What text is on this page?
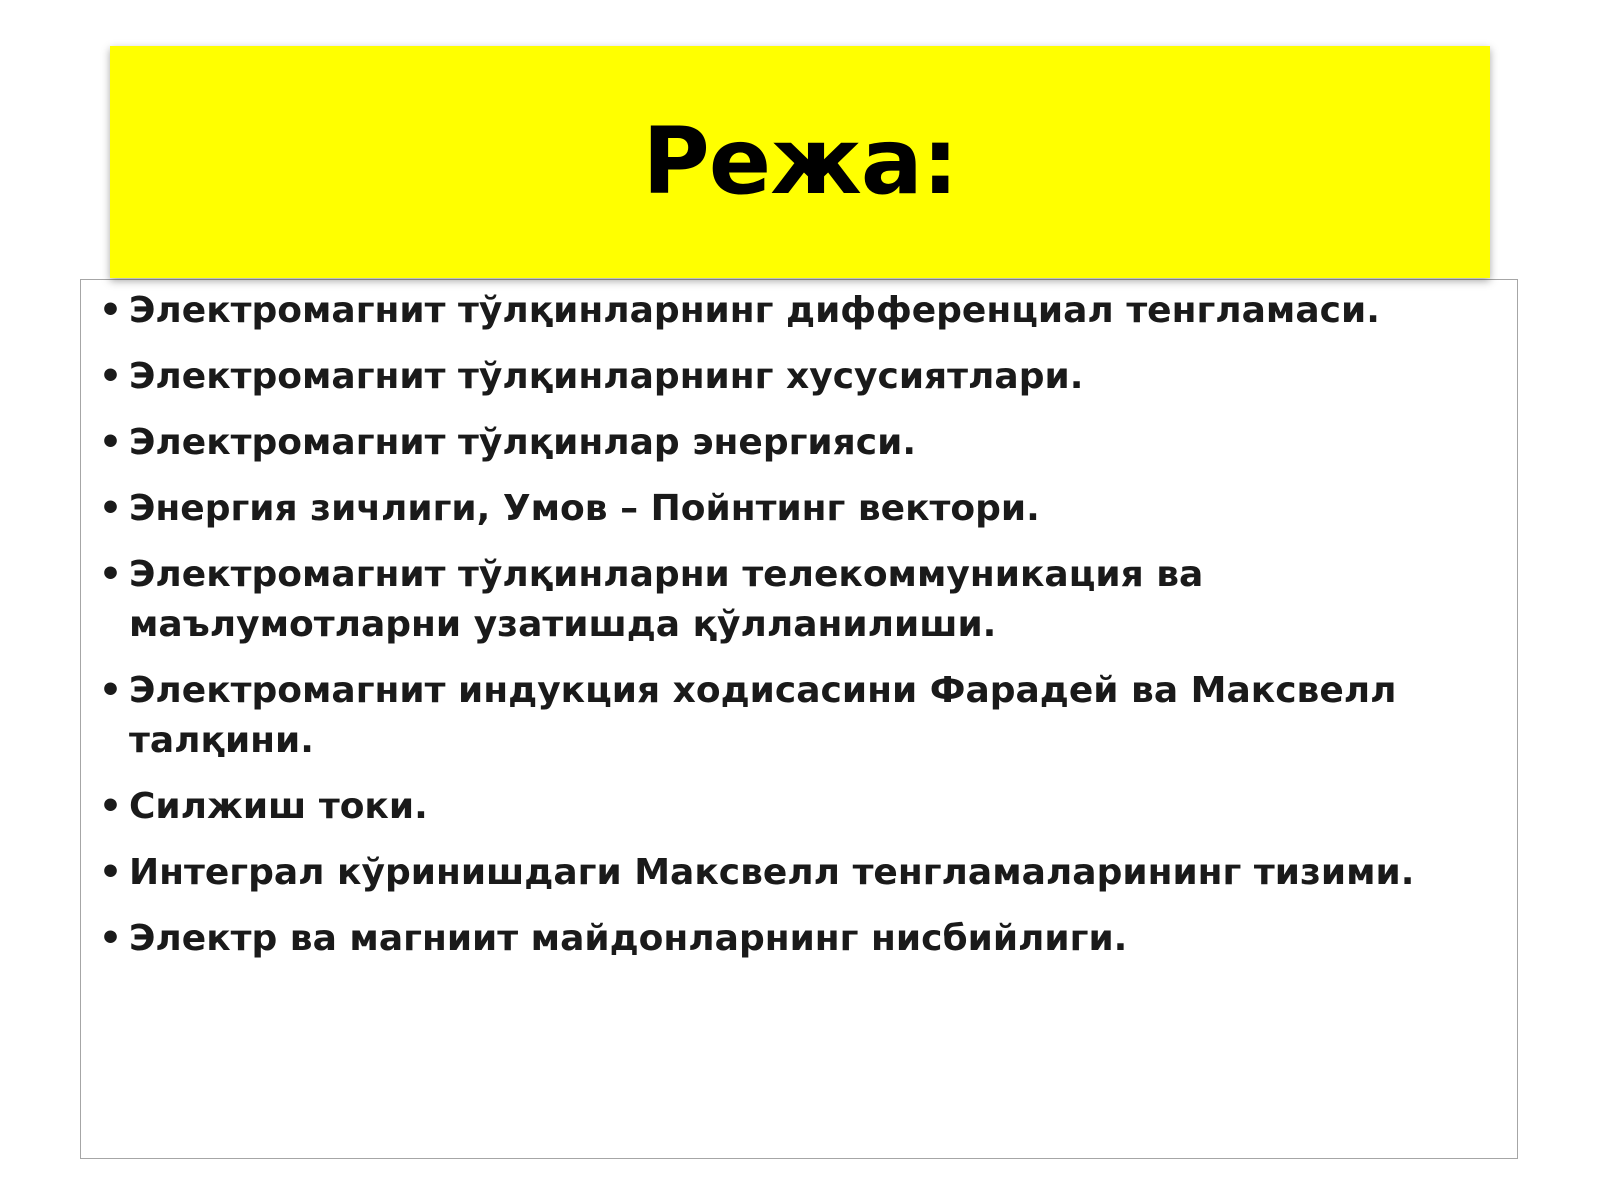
Режа:
• Электромагнит тўлқинларнинг дифференциал тенгламаси.
• Электромагнит тўлқинларнинг хусусиятлари.
• Электромагнит тўлқинлар энергияси.
• Энергия зичлиги, Умов – Пойнтинг вектори.
• Электромагнит тўлқинларни телекоммуникация ва маълумотларни узатишда қўлланилиши.
• Электромагнит индукция ходисасини Фарадей ва Максвелл талқини.
• Силжиш токи.
• Интеграл кўринишдаги Максвелл тенгламаларининг тизими.
• Электр ва магниит майдонларнинг нисбийлиги.
